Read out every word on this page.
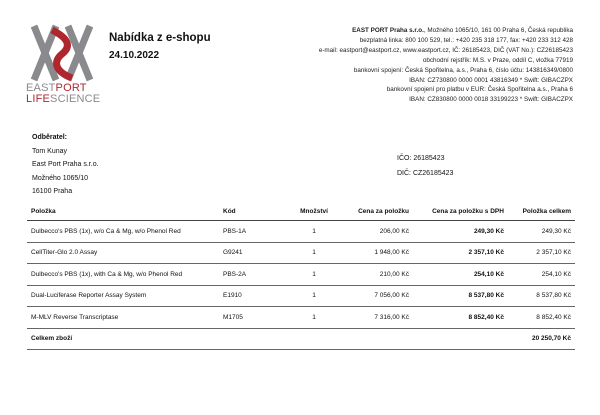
EASTPORT
LIFESCIENCE
Nabídka z e-shopu
24.10.2022
EAST PORT Praha s.r.o., Možného 1065/10, 161 00 Praha 6, Česká republika
bezplatná linka: 800 100 529, tel.: +420 235 318 177, fax: +420 233 312 428
e-mail: eastport@eastport.cz, www.eastport.cz, IČ: 26185423, DIČ (VAT No.): CZ26185423
obchodní rejstřík: M.S. v Praze, oddíl C, vložka 77919
bankovní spojení: Česká Spořitelna, a.s., Praha 6, číslo účtu: 143816349/0800
IBAN: CZ730800 0000 0001 43816349 * Swift: GIBACZPX
bankovní spojení pro platbu v EUR: Česká Spořitelna a.s., Praha 6
IBAN: CZ830800 0000 0018 33199223 * Swift: GIBACZPX
Odběratel:
Tom Kunay
East Port Praha s.r.o.
Možného 1065/10
16100 Praha
IČO: 26185423
DIČ: CZ26185423
Položka	Kód	Množství	Cena za položku	Cena za položku s DPH	Položka celkem
Dulbecco's PBS (1x), w/o Ca & Mg, w/o Phenol Red	PBS-1A	1	206,00 Kč	249,30 Kč	249,30 Kč
CellTiter-Glo 2.0 Assay	G9241	1	1 948,00 Kč	2 357,10 Kč	2 357,10 Kč
Dulbecco's PBS (1x), with Ca & Mg, w/o Phenol Red	PBS-2A	1	210,00 Kč	254,10 Kč	254,10 Kč
Dual-Luciferase Reporter Assay System	E1910	1	7 056,00 Kč	8 537,80 Kč	8 537,80 Kč
M-MLV Reverse Transcriptase	M1705	1	7 316,00 Kč	8 852,40 Kč	8 852,40 Kč
Celkem zboží					20 250,70 Kč
